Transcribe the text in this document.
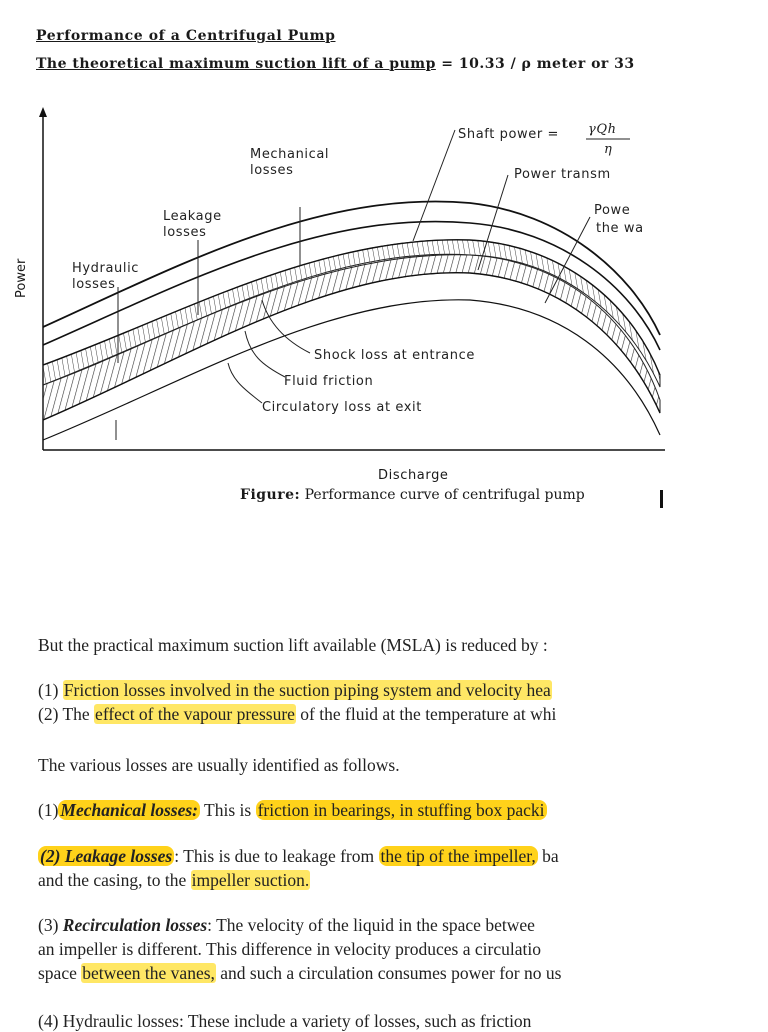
Performance of a Centrifugal Pump
The theoretical maximum suction lift of a pump = 10.33 / ρ meter or 33
Shaft power = γQh
η
Mechanical
losses	Power transm
Powe
the wa
Leakage
losses
Hydraulic
losses
Shock loss at entrance
Fluid friction
Circulatory loss at exit
Power
Discharge
Figure: Performance curve of centrifugal pump
But the practical maximum suction lift available (MSLA) is reduced by :
(1) Friction losses involved in the suction piping system and velocity hea
(2) The effect of the vapour pressure of the fluid at the temperature at whi
The various losses are usually identified as follows.
(1) Mechanical losses: This is friction in bearings, in stuffing box packi
(2) Leakage losses : This is due to leakage from the tip of the impeller, ba
and the casing, to the impeller suction.
(3) Recirculation losses: The velocity of the liquid in the space betwee
an impeller is different. This difference in velocity produces a circulatio
space between the vanes, and such a circulation consumes power for no us
(4) Hydraulic losses: These include a variety of losses, such as friction
